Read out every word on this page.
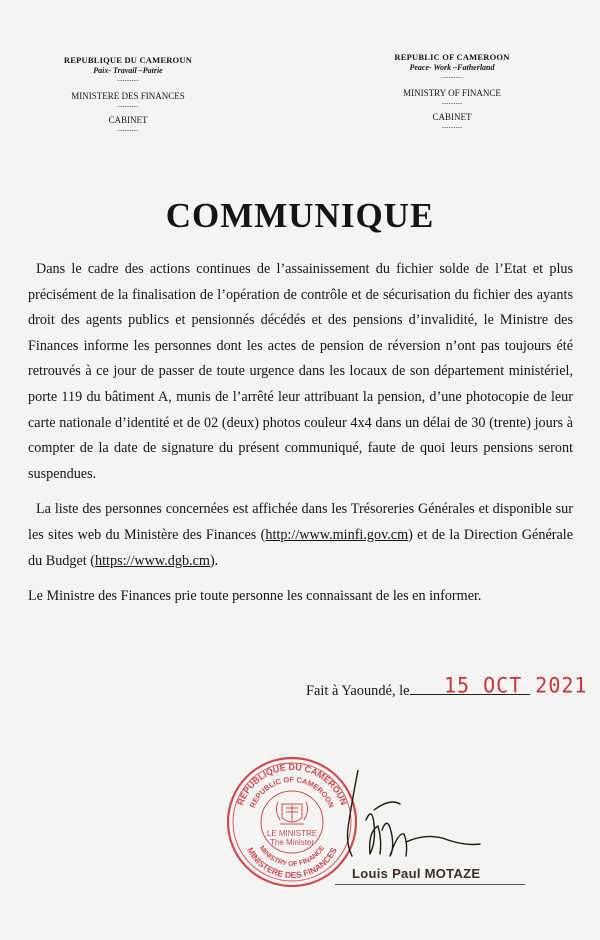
REPUBLIQUE DU CAMEROUN
Paix- Travail –Patrie
............
MINISTERE DES FINANCES
............
CABINET
............
REPUBLIC OF CAMEROON
Peace- Work –Fatherland
............
MINISTRY OF FINANCE
............
CABINET
............
COMMUNIQUE

Dans le cadre des actions continues de l’assainissement du fichier solde de l’Etat et plus précisément de la finalisation de l’opération de contrôle et de sécurisation du fichier des ayants droit des agents publics et pensionnés décédés et des pensions d’invalidité, le Ministre des Finances informe les personnes dont les actes de pension de réversion n’ont pas toujours été retrouvés à ce jour de passer de toute urgence dans les locaux de son département ministériel, porte 119 du bâtiment A, munis de l’arrêté leur attribuant la pension, d’une photocopie de leur carte nationale d’identité et de 02 (deux) photos couleur 4x4 dans un délai de 30 (trente) jours à compter de la date de signature du présent communiqué, faute de quoi leurs pensions seront suspendues.

La liste des personnes concernées est affichée dans les Trésoreries Générales et disponible sur les sites web du Ministère des Finances (http://www.minfi.gov.cm) et de la Direction Générale du Budget (https://www.dgb.cm).

Le Ministre des Finances prie toute personne les connaissant de les en informer.

Fait à Yaoundé, le	15 OCT 2021
REPUBLIQUE DU CAMEROUN
REPUBLIC OF CAMEROON
MINISTRY OF FINANCE
MINISTERE DES FINANCES
LE MINISTRE
The Minister
Louis Paul MOTAZE
